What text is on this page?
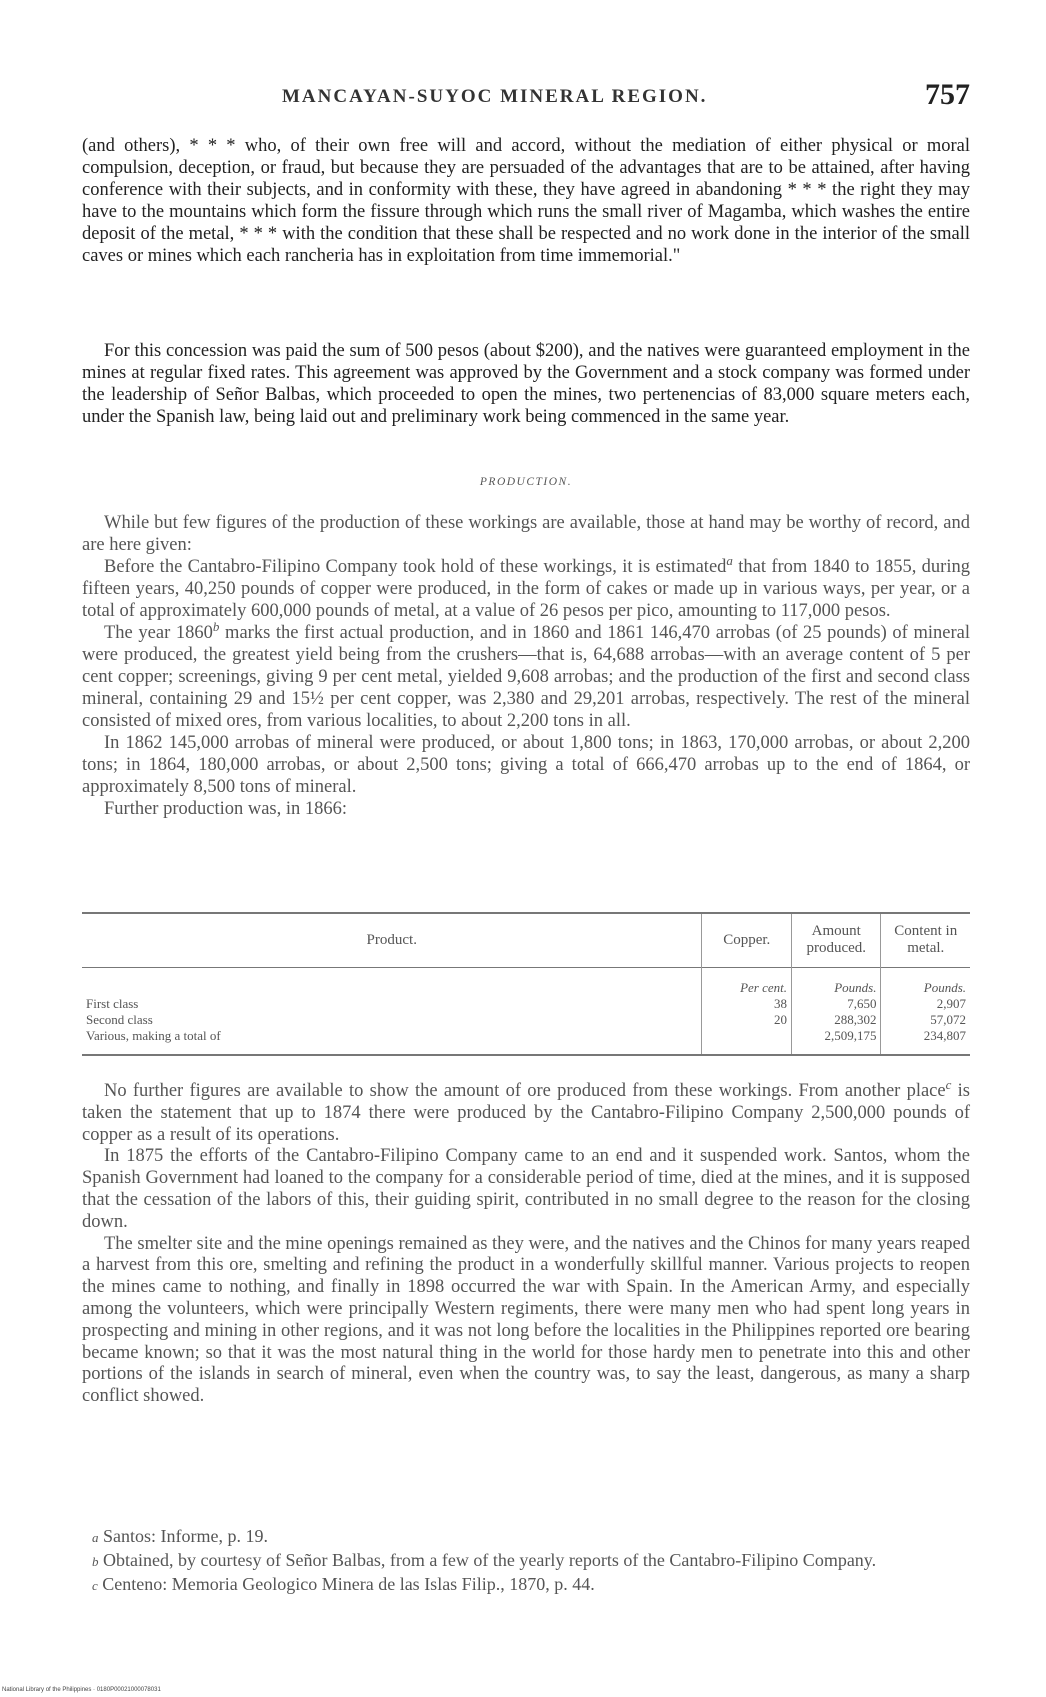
MANCAYAN-SUYOC MINERAL REGION.	757

(and others), * * * who, of their own free will and accord, without the mediation of either physical or moral compulsion, deception, or fraud, but because they are persuaded of the advantages that are to be attained, after having conference with their subjects, and in conformity with these, they have agreed in abandoning * * * the right they may have to the mountains which form the fissure through which runs the small river of Magamba, which washes the entire deposit of the metal, * * * with the condition that these shall be respected and no work done in the interior of the small caves or mines which each rancheria has in exploitation from time immemorial."

For this concession was paid the sum of 500 pesos (about $200), and the natives were guaranteed employment in the mines at regular fixed rates. This agreement was approved by the Government and a stock company was formed under the leadership of Señor Balbas, which proceeded to open the mines, two pertenencias of 83,000 square meters each, under the Spanish law, being laid out and preliminary work being commenced in the same year.

PRODUCTION.

While but few figures of the production of these workings are available, those at hand may be worthy of record, and are here given:

Before the Cantabro-Filipino Company took hold of these workings, it is estimated$^a$ that from 1840 to 1855, during fifteen years, 40,250 pounds of copper were produced, in the form of cakes or made up in various ways, per year, or a total of approximately 600,000 pounds of metal, at a value of 26 pesos per pico, amounting to 117,000 pesos.

The year 1860$^b$ marks the first actual production, and in 1860 and 1861 146,470 arrobas (of 25 pounds) of mineral were produced, the greatest yield being from the crushers—that is, 64,688 arrobas—with an average content of 5 per cent copper; screenings, giving 9 per cent metal, yielded 9,608 arrobas; and the production of the first and second class mineral, containing 29 and 15½ per cent copper, was 2,380 and 29,201 arrobas, respectively. The rest of the mineral consisted of mixed ores, from various localities, to about 2,200 tons in all.

In 1862 145,000 arrobas of mineral were produced, or about 1,800 tons; in 1863, 170,000 arrobas, or about 2,200 tons; in 1864, 180,000 arrobas, or about 2,500 tons; giving a total of 666,470 arrobas up to the end of 1864, or approximately 8,500 tons of mineral.

Further production was, in 1866:

Product.	Copper.	Amount produced.	Content in metal.
	Per cent.	Pounds.	Pounds.
First class	38	7,650	2,907
Second class	20	288,302	57,072
Various, making a total of		2,509,175	234,807

No further figures are available to show the amount of ore produced from these workings. From another place$^c$ is taken the statement that up to 1874 there were produced by the Cantabro-Filipino Company 2,500,000 pounds of copper as a result of its operations.

In 1875 the efforts of the Cantabro-Filipino Company came to an end and it suspended work. Santos, whom the Spanish Government had loaned to the company for a considerable period of time, died at the mines, and it is supposed that the cessation of the labors of this, their guiding spirit, contributed in no small degree to the reason for the closing down.

The smelter site and the mine openings remained as they were, and the natives and the Chinos for many years reaped a harvest from this ore, smelting and refining the product in a wonderfully skillful manner. Various projects to reopen the mines came to nothing, and finally in 1898 occurred the war with Spain. In the American Army, and especially among the volunteers, which were principally Western regiments, there were many men who had spent long years in prospecting and mining in other regions, and it was not long before the localities in the Philippines reported ore bearing became known; so that it was the most natural thing in the world for those hardy men to penetrate into this and other portions of the islands in search of mineral, even when the country was, to say the least, dangerous, as many a sharp conflict showed.

a Santos: Informe, p. 19.

b Obtained, by courtesy of Señor Balbas, from a few of the yearly reports of the Cantabro-Filipino Company.

c Centeno: Memoria Geologico Minera de las Islas Filip., 1870, p. 44.

National Library of the Philippines · 0180P00021000078031
